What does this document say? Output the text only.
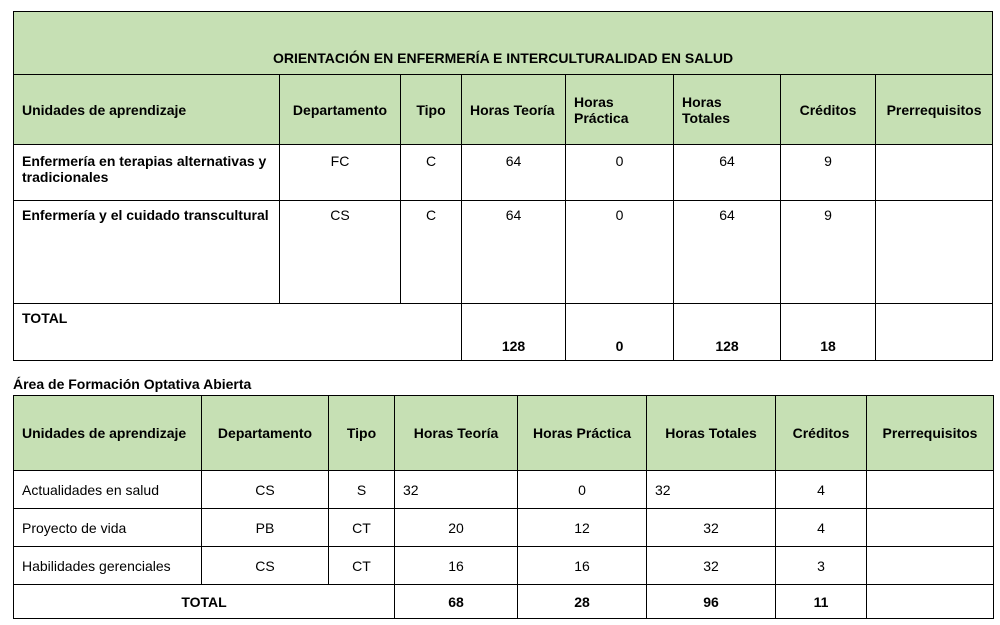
ORIENTACIÓN EN ENFERMERÍA E INTERCULTURALIDAD EN SALUD							
Unidades de aprendizaje	Departamento	Tipo	Horas Teoría	Horas Práctica	Horas Totales	Créditos	Prerrequisitos
Enfermería en terapias alternativas y tradicionales	FC	C	64	0	64	9	
Enfermería y el cuidado transcultural	CS	C	64	0	64	9	
TOTAL			128	0	128	18	
Área de Formación Optativa Abierta
Unidades de aprendizaje	Departamento	Tipo	Horas Teoría	Horas Práctica	Horas Totales	Créditos	Prerrequisitos
Actualidades en salud	CS	S	32	0	32	4	
Proyecto de vida	PB	CT	20	12	32	4	
Habilidades gerenciales	CS	CT	16	16	32	3	
TOTAL			68	28	96	11	
